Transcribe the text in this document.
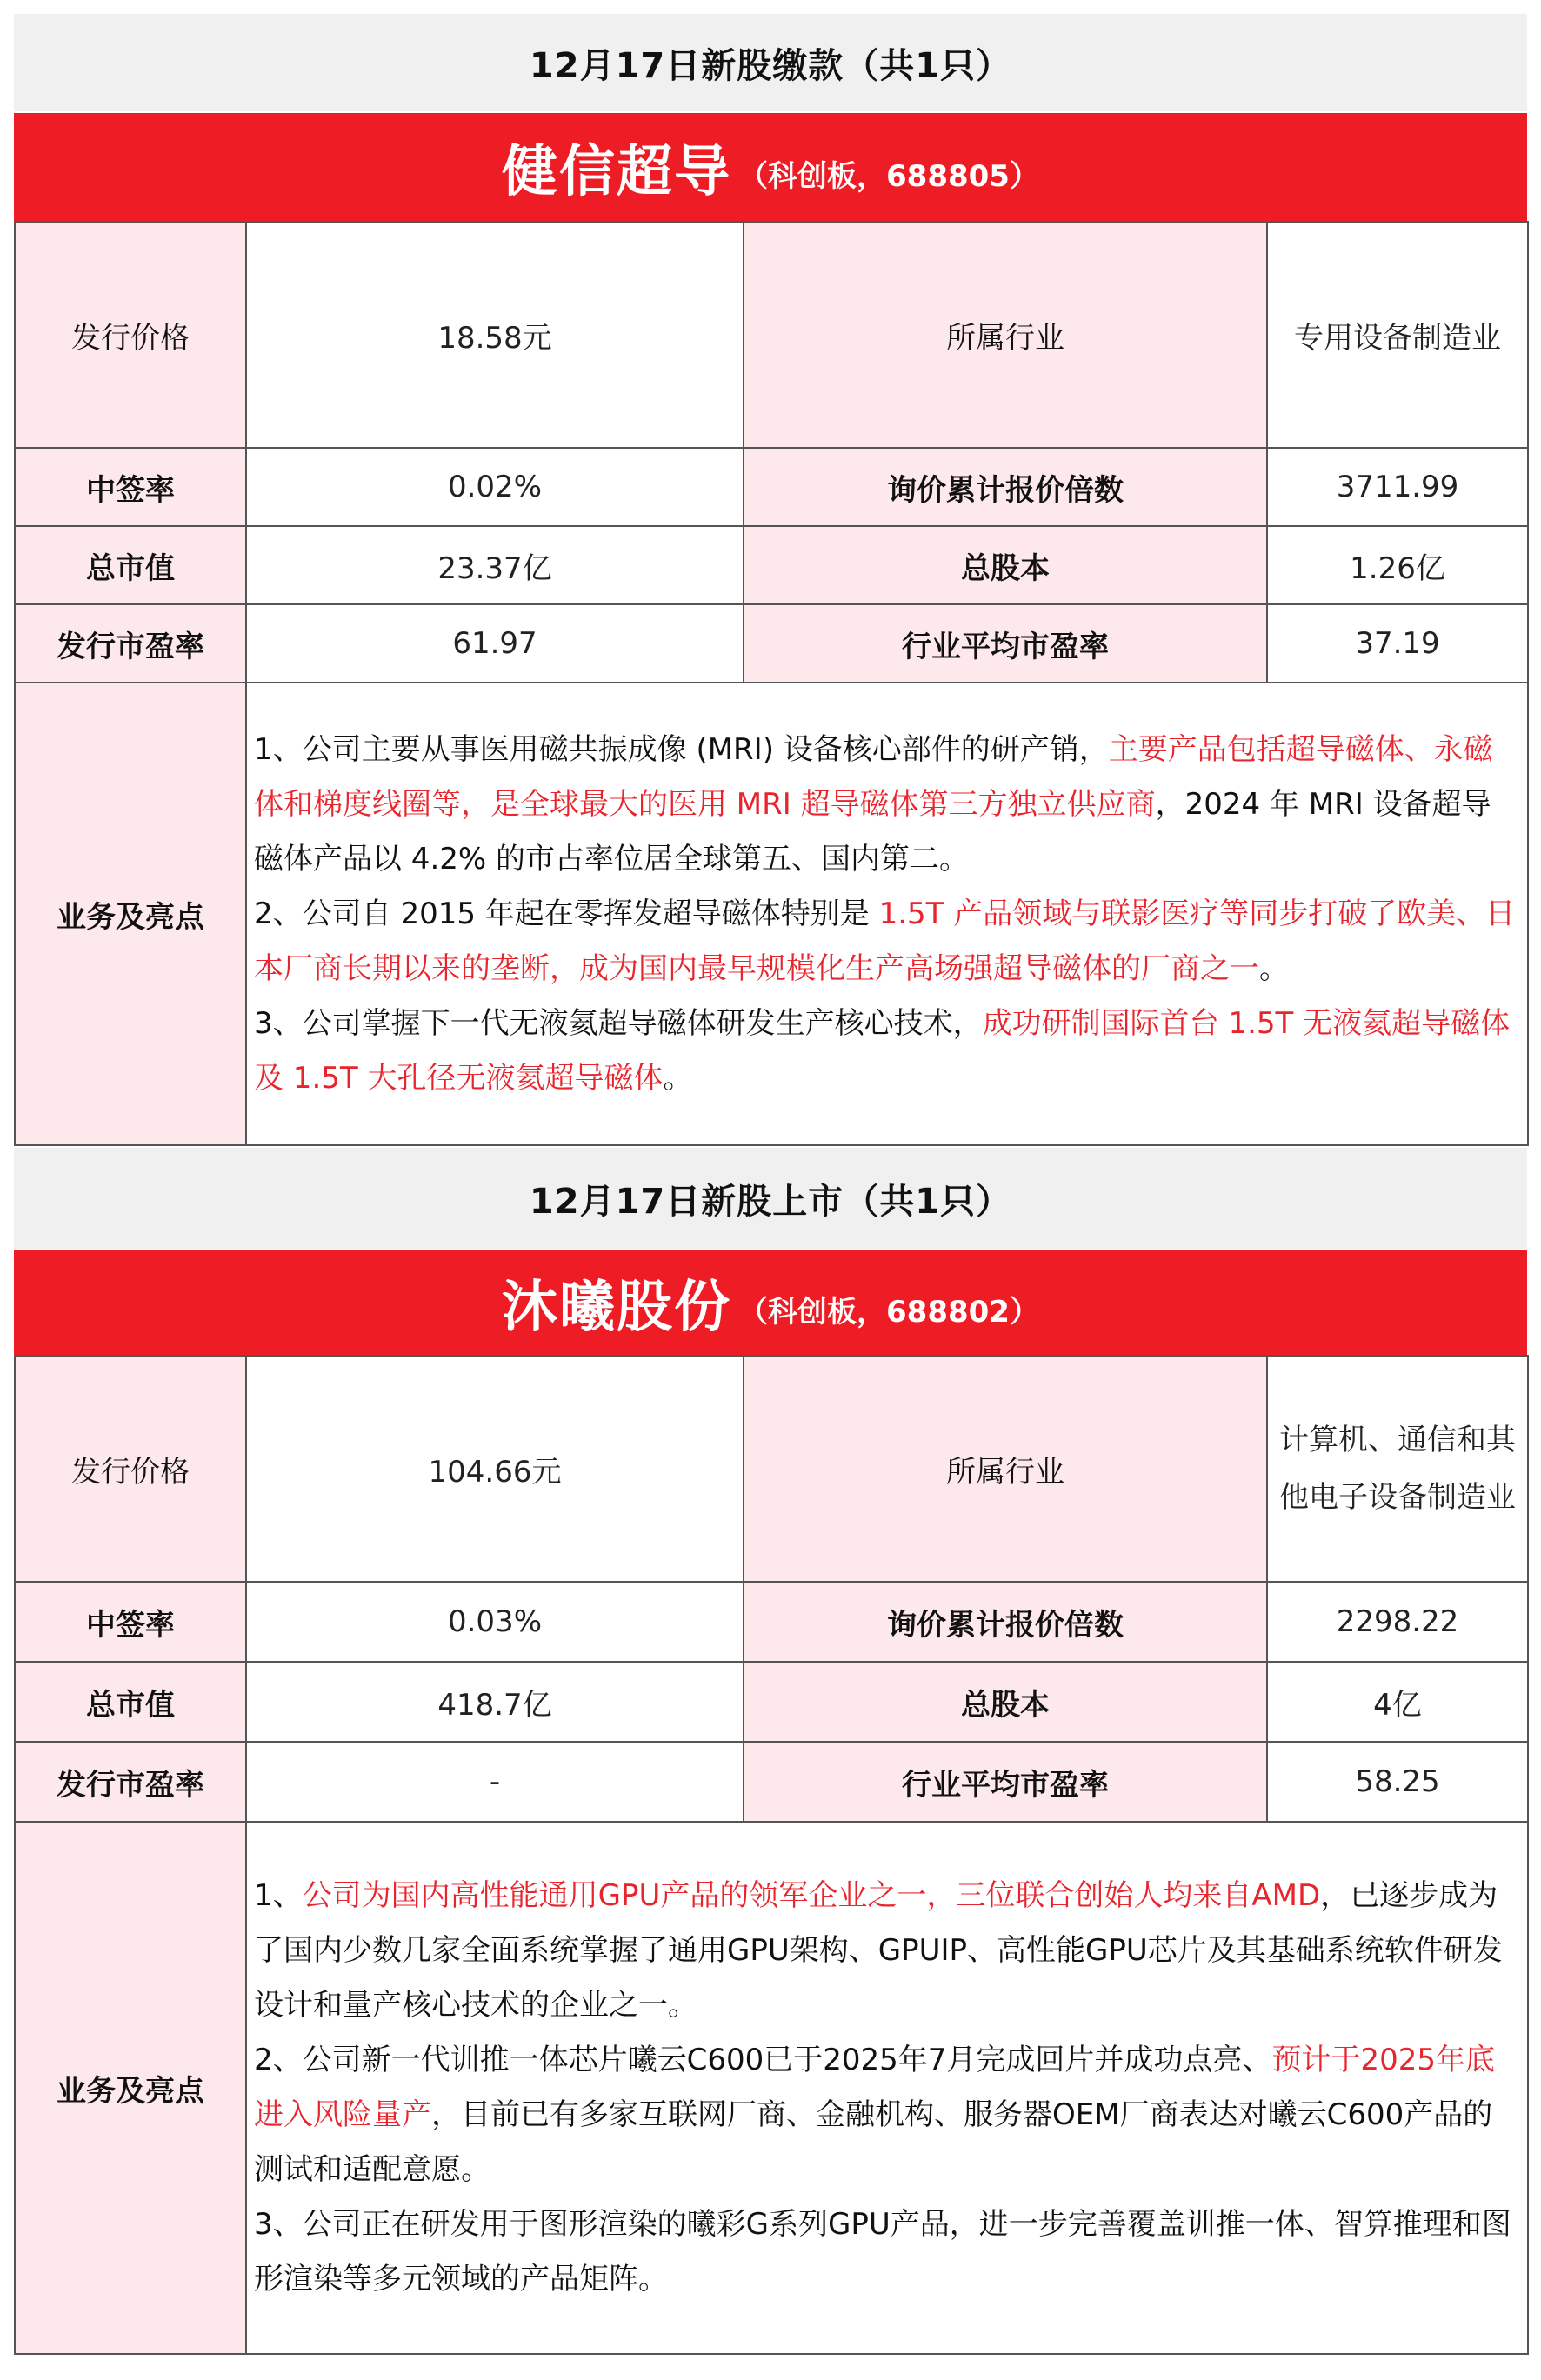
12月17日新股缴款（共1只）
健信超导 （科创板，688805）
发行价格	18.58元	所属行业	专用设备制造业
中签率	0.02%	询价累计报价倍数	3711.99
总市值	23.37亿	总股本	1.26亿
发行市盈率	61.97	行业平均市盈率	37.19
业务及亮点	1、公司主要从事医用磁共振成像 (MRI) 设备核心部件的研产销，主要产品包括超导磁体、永磁体和梯度线圈等，是全球最大的医用 MRI 超导磁体第三方独立供应商，2024 年 MRI 设备超导磁体产品以 4.2% 的市占率位居全球第五、国内第二。

2、公司自 2015 年起在零挥发超导磁体特别是 1.5T 产品领域与联影医疗等同步打破了欧美、日本厂商长期以来的垄断，成为国内最早规模化生产高场强超导磁体的厂商之一。

3、公司掌握下一代无液氦超导磁体研发生产核心技术，成功研制国际首台 1.5T 无液氦超导磁体及 1.5T 大孔径无液氦超导磁体。		

12月17日新股上市（共1只）
沐曦股份 （科创板，688802）
发行价格	104.66元	所属行业	计算机、通信和其他电子设备制造业
中签率	0.03%	询价累计报价倍数	2298.22
总市值	418.7亿	总股本	4亿
发行市盈率	-	行业平均市盈率	58.25
业务及亮点	1、公司为国内高性能通用GPU产品的领军企业之一，三位联合创始人均来自AMD，已逐步成为了国内少数几家全面系统掌握了通用GPU架构、GPUIP、高性能GPU芯片及其基础系统软件研发设计和量产核心技术的企业之一。

2、公司新一代训推一体芯片曦云C600已于2025年7月完成回片并成功点亮、预计于2025年底进入风险量产，目前已有多家互联网厂商、金融机构、服务器OEM厂商表达对曦云C600产品的测试和适配意愿。

3、公司正在研发用于图形渲染的曦彩G系列GPU产品，进一步完善覆盖训推一体、智算推理和图形渲染等多元领域的产品矩阵。		
